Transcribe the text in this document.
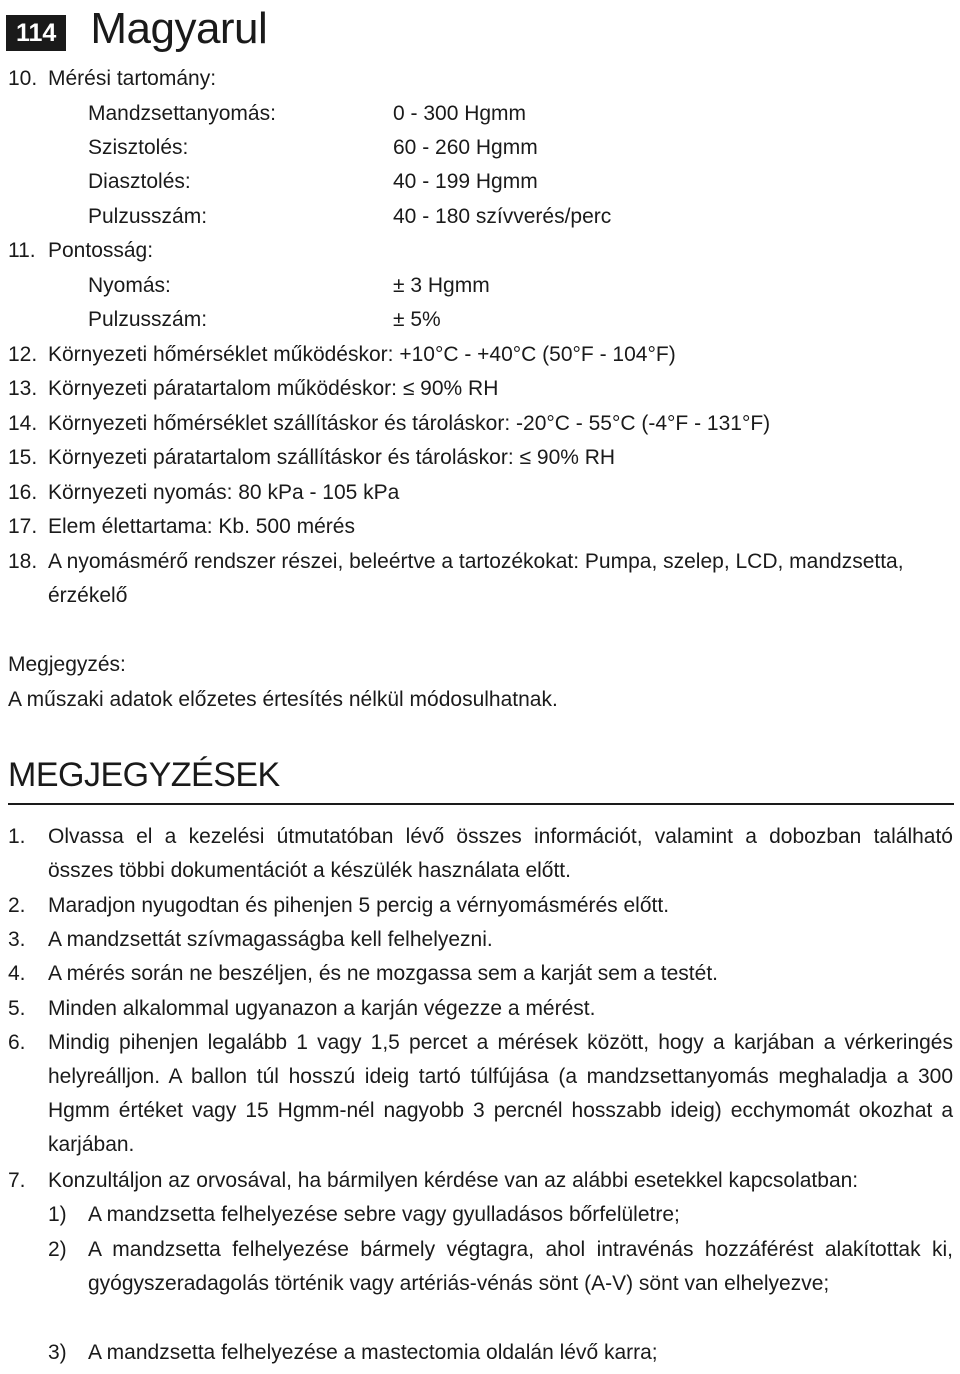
114 Magyarul
10. Mérési tartomány:
Mandzsettanyomás:	0 - 300 Hgmm
Szisztolés:	60 - 260 Hgmm
Diasztolés:	40 - 199 Hgmm
Pulzusszám:	40 - 180 szívverés/perc
11. Pontosság:
Nyomás:	± 3 Hgmm
Pulzusszám:	± 5%
12. Környezeti hőmérséklet működéskor: +10°C - +40°C (50°F - 104°F)
13. Környezeti páratartalom működéskor: ≤ 90% RH
14. Környezeti hőmérséklet szállításkor és tároláskor: -20°C - 55°C (-4°F - 131°F)
15. Környezeti páratartalom szállításkor és tároláskor: ≤ 90% RH
16. Környezeti nyomás: 80 kPa - 105 kPa
17. Elem élettartama: Kb. 500 mérés
18. A nyomásmérő rendszer részei, beleértve a tartozékokat: Pumpa, szelep, LCD, mandzsetta, érzékelő
Megjegyzés:
A műszaki adatok előzetes értesítés nélkül módosulhatnak.
MEGJEGYZÉSEK
1. Olvassa el a kezelési útmutatóban lévő összes információt, valamint a dobozban található összes többi dokumentációt a készülék használata előtt.
2. Maradjon nyugodtan és pihenjen 5 percig a vérnyomásmérés előtt.
3. A mandzsettát szívmagasságba kell felhelyezni.
4. A mérés során ne beszéljen, és ne mozgassa sem a karját sem a testét.
5. Minden alkalommal ugyanazon a karján végezze a mérést.
6. Mindig pihenjen legalább 1 vagy 1,5 percet a mérések között, hogy a karjában a vérkeringés helyreálljon. A ballon túl hosszú ideig tartó túlfújása (a mandzsettanyomás meghaladja a 300 Hgmm értéket vagy 15 Hgmm-nél nagyobb 3 percnél hosszabb ideig) ecchymomát okozhat a karjában.
7. Konzultáljon az orvosával, ha bármilyen kérdése van az alábbi esetekkel kapcsolatban:
1) A mandzsetta felhelyezése sebre vagy gyulladásos bőrfelületre;
2) A mandzsetta felhelyezése bármely végtagra, ahol intravénás hozzáférést alakítottak ki, gyógyszeradagolás történik vagy artériás-vénás sönt (A-V) sönt van elhelyezve;
3) A mandzsetta felhelyezése a mastectomia oldalán lévő karra;
